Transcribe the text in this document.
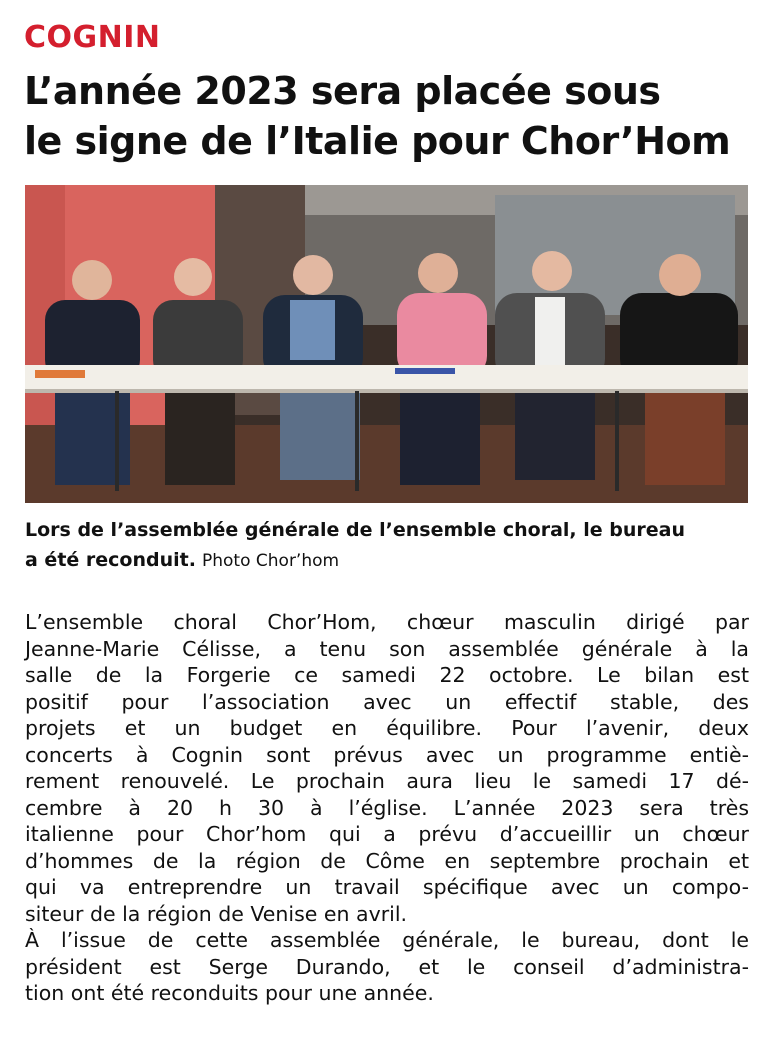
COGNIN
L’année 2023 sera placée sous
le signe de l’Italie pour Chor’Hom
Lors de l’assemblée générale de l’ensemble choral, le bureau
a été reconduit. Photo Chor’hom
L’ensemble choral Chor’Hom, chœur masculin dirigé par
Jeanne-Marie Célisse, a tenu son assemblée générale à la
salle de la Forgerie ce samedi 22 octobre. Le bilan est
positif pour l’association avec un effectif stable, des
projets et un budget en équilibre. Pour l’avenir, deux
concerts à Cognin sont prévus avec un programme entiè-
rement renouvelé. Le prochain aura lieu le samedi 17 dé-
cembre à 20 h 30 à l’église. L’année 2023 sera très
italienne pour Chor’hom qui a prévu d’accueillir un chœur
d’hommes de la région de Côme en septembre prochain et
qui va entreprendre un travail spécifique avec un compo-
siteur de la région de Venise en avril.
À l’issue de cette assemblée générale, le bureau, dont le
président est Serge Durando, et le conseil d’administra-
tion ont été reconduits pour une année.
